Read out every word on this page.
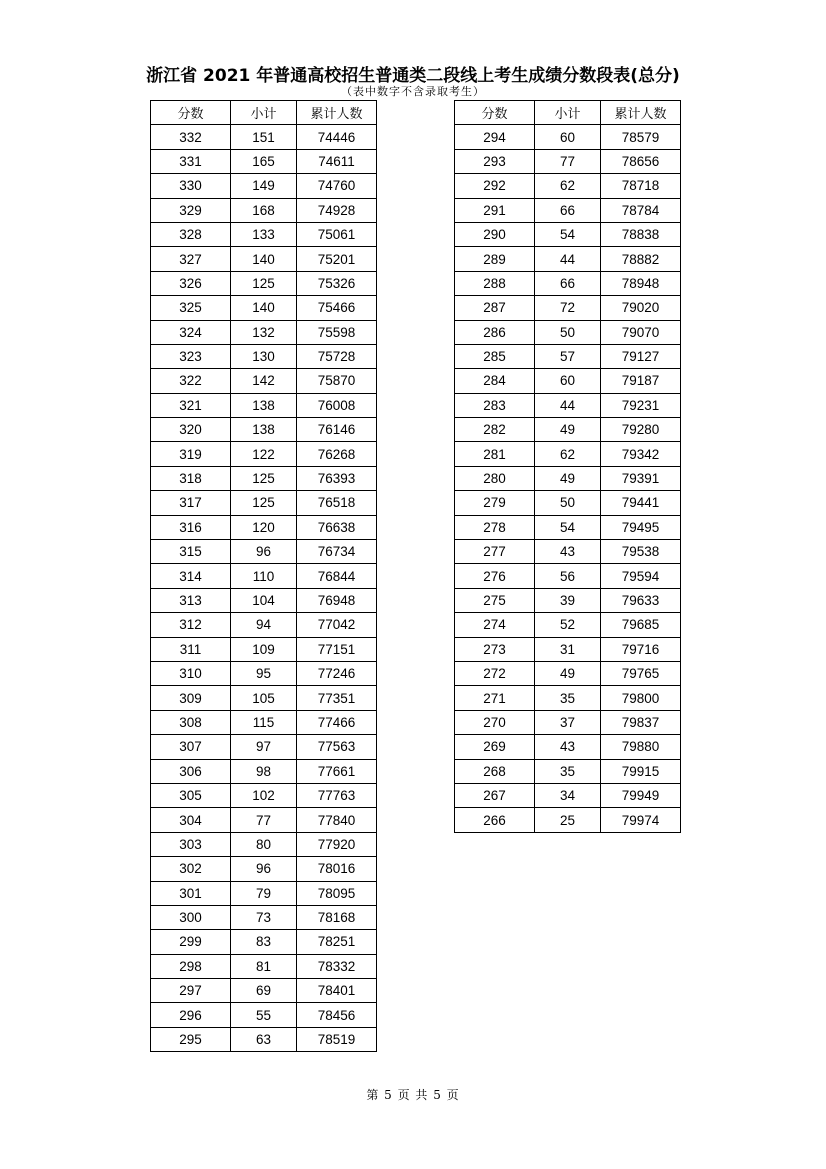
浙江省 2021 年普通高校招生普通类二段线上考生成绩分数段表(总分)
（表中数字不含录取考生）
分数	小计	累计人数
332	151	74446
331	165	74611
330	149	74760
329	168	74928
328	133	75061
327	140	75201
326	125	75326
325	140	75466
324	132	75598
323	130	75728
322	142	75870
321	138	76008
320	138	76146
319	122	76268
318	125	76393
317	125	76518
316	120	76638
315	96	76734
314	110	76844
313	104	76948
312	94	77042
311	109	77151
310	95	77246
309	105	77351
308	115	77466
307	97	77563
306	98	77661
305	102	77763
304	77	77840
303	80	77920
302	96	78016
301	79	78095
300	73	78168
299	83	78251
298	81	78332
297	69	78401
296	55	78456
295	63	78519
分数	小计	累计人数
294	60	78579
293	77	78656
292	62	78718
291	66	78784
290	54	78838
289	44	78882
288	66	78948
287	72	79020
286	50	79070
285	57	79127
284	60	79187
283	44	79231
282	49	79280
281	62	79342
280	49	79391
279	50	79441
278	54	79495
277	43	79538
276	56	79594
275	39	79633
274	52	79685
273	31	79716
272	49	79765
271	35	79800
270	37	79837
269	43	79880
268	35	79915
267	34	79949
266	25	79974
第 5 页 共 5 页
